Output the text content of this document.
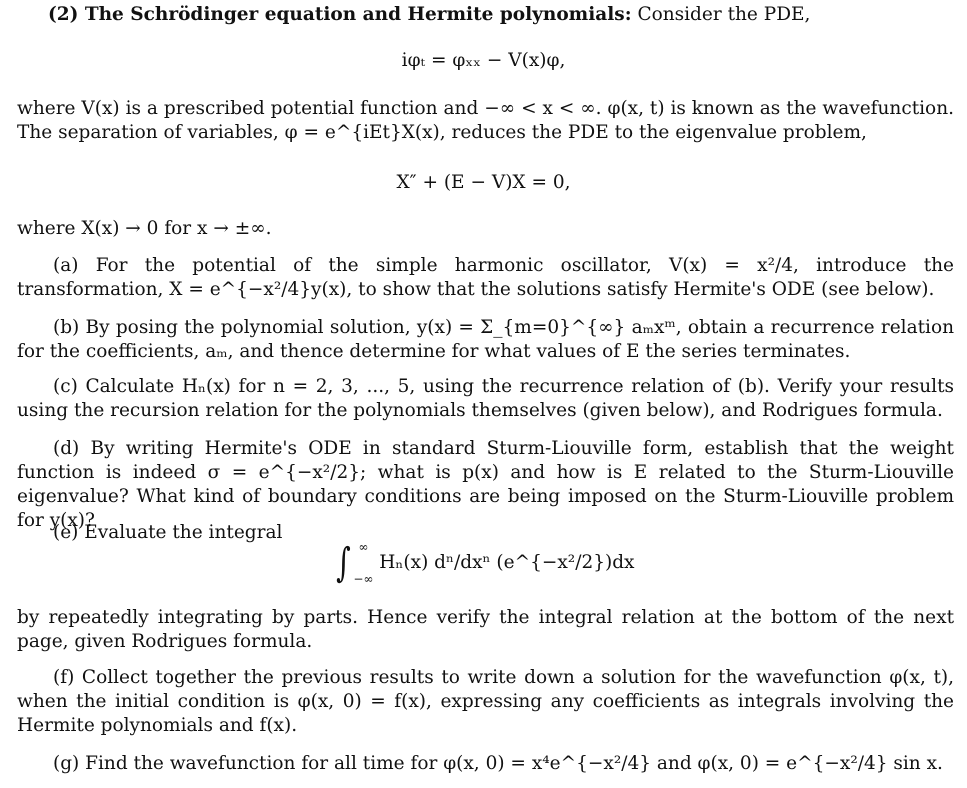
(2) The Schrödinger equation and Hermite polynomials: Consider the PDE,
iφₜ = φₓₓ − V(x)φ,
where V(x) is a prescribed potential function and −∞ < x < ∞. φ(x, t) is known as the wavefunction. The separation of variables, φ = e^{iEt}X(x), reduces the PDE to the eigenvalue problem,
X″ + (E − V)X = 0,
where X(x) → 0 for x → ±∞.
(a) For the potential of the simple harmonic oscillator, V(x) = x²/4, introduce the transformation, X = e^{−x²/4}y(x), to show that the solutions satisfy Hermite's ODE (see below).
(b) By posing the polynomial solution, y(x) = Σ_{m=0}^{∞} aₘxᵐ, obtain a recurrence relation for the coefficients, aₘ, and thence determine for what values of E the series terminates.
(c) Calculate Hₙ(x) for n = 2, 3, ..., 5, using the recurrence relation of (b). Verify your results using the recursion relation for the polynomials themselves (given below), and Rodrigues formula.
(d) By writing Hermite's ODE in standard Sturm-Liouville form, establish that the weight function is indeed σ = e^{−x²/2}; what is p(x) and how is E related to the Sturm-Liouville eigenvalue? What kind of boundary conditions are being imposed on the Sturm-Liouville problem for y(x)?
(e) Evaluate the integral
∫ ∞
−∞
Hₙ(x) dⁿ/dxⁿ (e^{−x²/2})dx
by repeatedly integrating by parts. Hence verify the integral relation at the bottom of the next page, given Rodrigues formula.
(f) Collect together the previous results to write down a solution for the wavefunction φ(x, t), when the initial condition is φ(x, 0) = f(x), expressing any coefficients as integrals involving the Hermite polynomials and f(x).
(g) Find the wavefunction for all time for φ(x, 0) = x⁴e^{−x²/4} and φ(x, 0) = e^{−x²/4} sin x.
